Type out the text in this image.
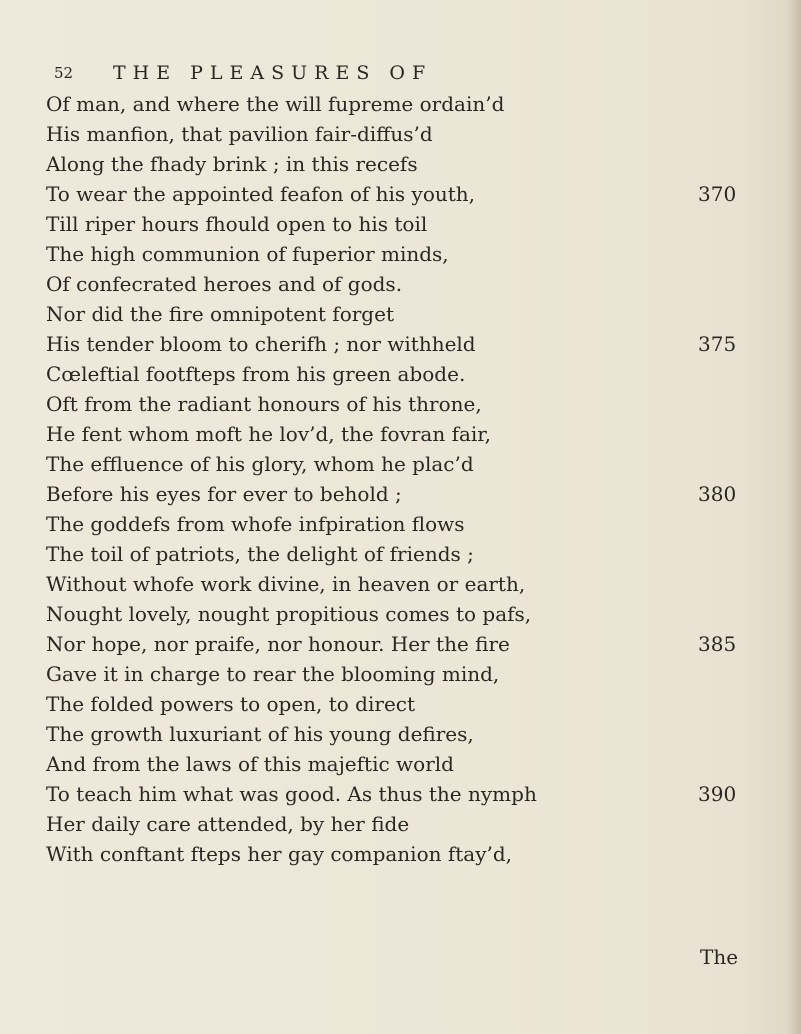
52 THE PLEASURES OF
Of man, and where the will fupreme ordain’d
His manfion, that pavilion fair-diffus’d
Along the fhady brink ; in this recefs
To wear the appointed feafon of his youth,
Till riper hours fhould open to his toil
The high communion of fuperior minds,
Of confecrated heroes and of gods.
Nor did the fire omnipotent forget
His tender bloom to cherifh ; nor withheld
Cœleftial footfteps from his green abode.
Oft from the radiant honours of his throne,
He fent whom moft he lov’d, the fovran fair,
The effluence of his glory, whom he plac’d
Before his eyes for ever to behold ;
The goddefs from whofe infpiration flows
The toil of patriots, the delight of friends ;
Without whofe work divine, in heaven or earth,
Nought lovely, nought propitious comes to pafs,
Nor hope, nor praife, nor honour. Her the fire
Gave it in charge to rear the blooming mind,
The folded powers to open, to direct
The growth luxuriant of his young defires,
And from the laws of this majeftic world
To teach him what was good. As thus the nymph
Her daily care attended, by her fide
With conftant fteps her gay companion ftay’d,
370
375
380
385
390
The
